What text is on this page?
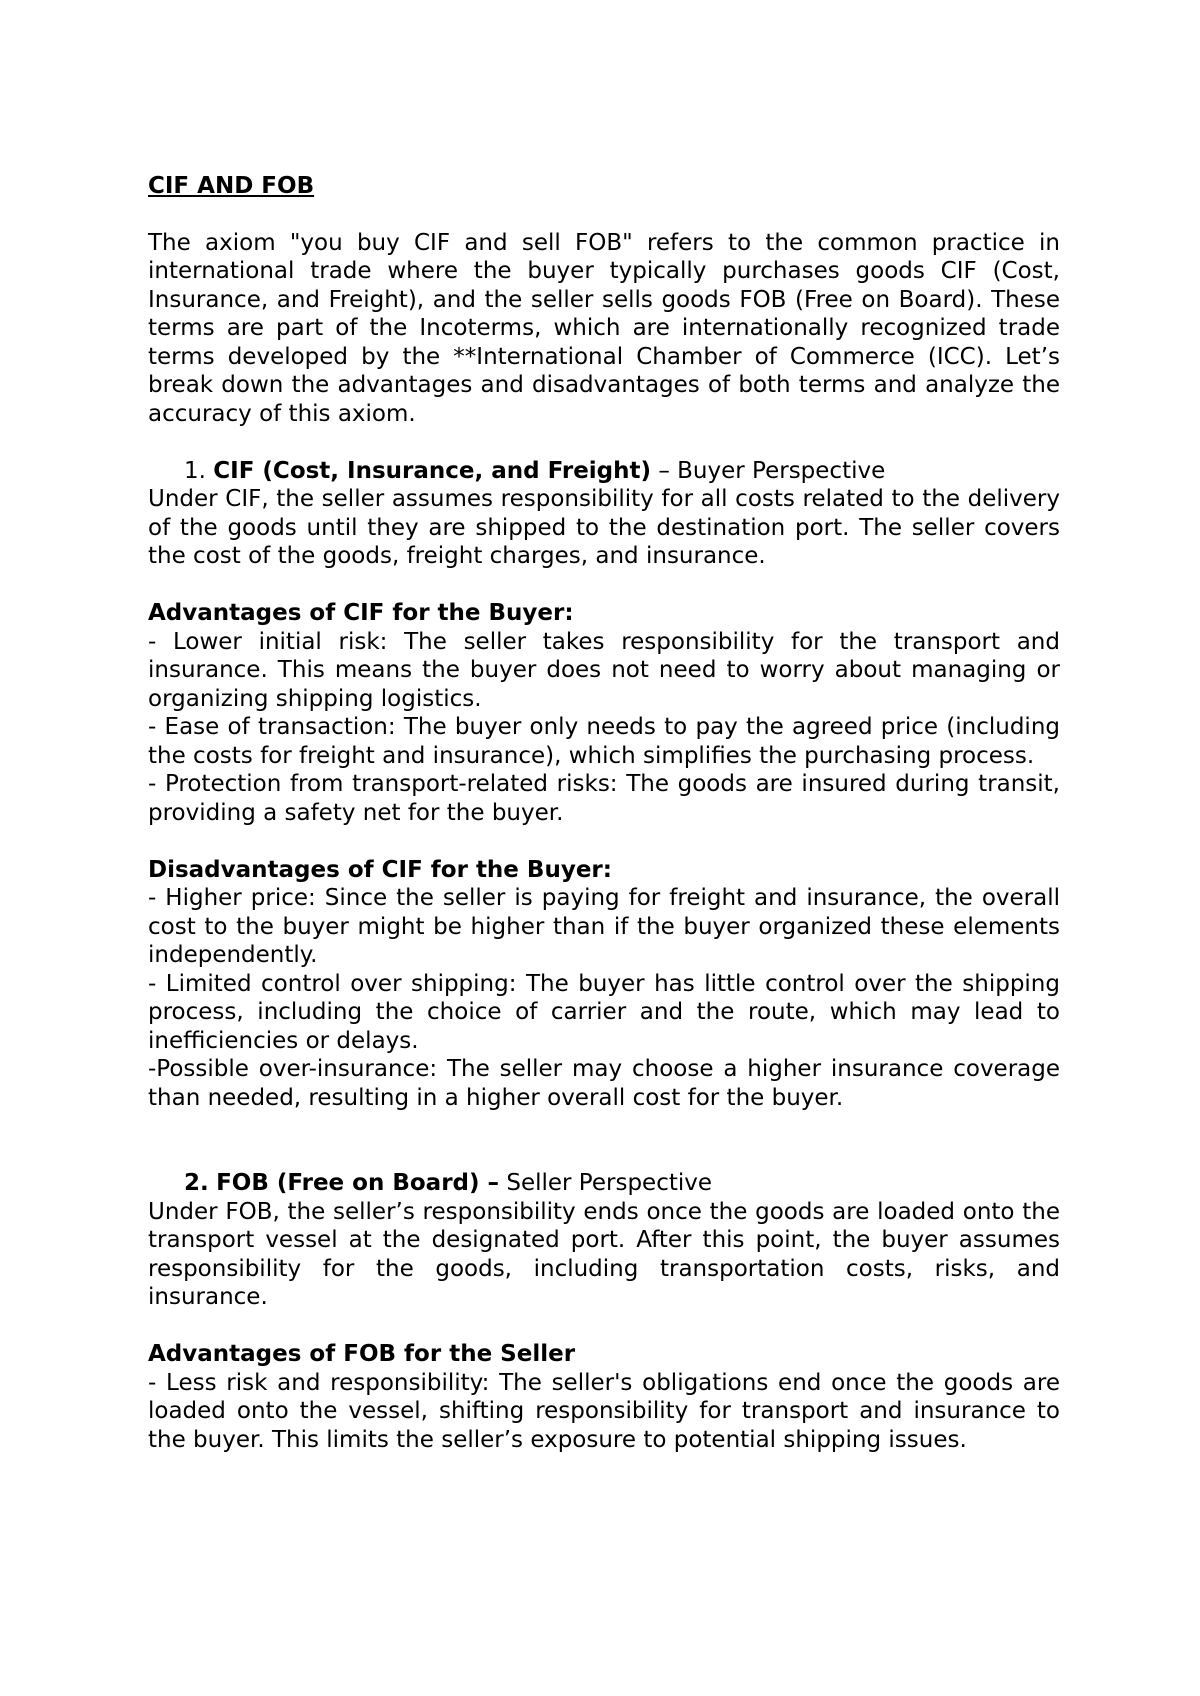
CIF AND FOB

The axiom "you buy CIF and sell FOB" refers to the common practice in international trade where the buyer typically purchases goods CIF (Cost, Insurance, and Freight), and the seller sells goods FOB (Free on Board). These terms are part of the Incoterms, which are internationally recognized trade terms developed by the **International Chamber of Commerce (ICC). Let’s break down the advantages and disadvantages of both terms and analyze the accuracy of this axiom.

1. CIF (Cost, Insurance, and Freight) – Buyer Perspective

Under CIF, the seller assumes responsibility for all costs related to the delivery of the goods until they are shipped to the destination port. The seller covers the cost of the goods, freight charges, and insurance.

Advantages of CIF for the Buyer:

- Lower initial risk: The seller takes responsibility for the transport and insurance. This means the buyer does not need to worry about managing or organizing shipping logistics.

- Ease of transaction: The buyer only needs to pay the agreed price (including the costs for freight and insurance), which simplifies the purchasing process.

- Protection from transport-related risks: The goods are insured during transit, providing a safety net for the buyer.

Disadvantages of CIF for the Buyer:

- Higher price: Since the seller is paying for freight and insurance, the overall cost to the buyer might be higher than if the buyer organized these elements independently.

- Limited control over shipping: The buyer has little control over the shipping process, including the choice of carrier and the route, which may lead to inefficiencies or delays.

-Possible over-insurance: The seller may choose a higher insurance coverage than needed, resulting in a higher overall cost for the buyer.

2. FOB (Free on Board) – Seller Perspective

Under FOB, the seller’s responsibility ends once the goods are loaded onto the transport vessel at the designated port. After this point, the buyer assumes responsibility for the goods, including transportation costs, risks, and insurance.

Advantages of FOB for the Seller

- Less risk and responsibility: The seller's obligations end once the goods are loaded onto the vessel, shifting responsibility for transport and insurance to the buyer. This limits the seller’s exposure to potential shipping issues.
